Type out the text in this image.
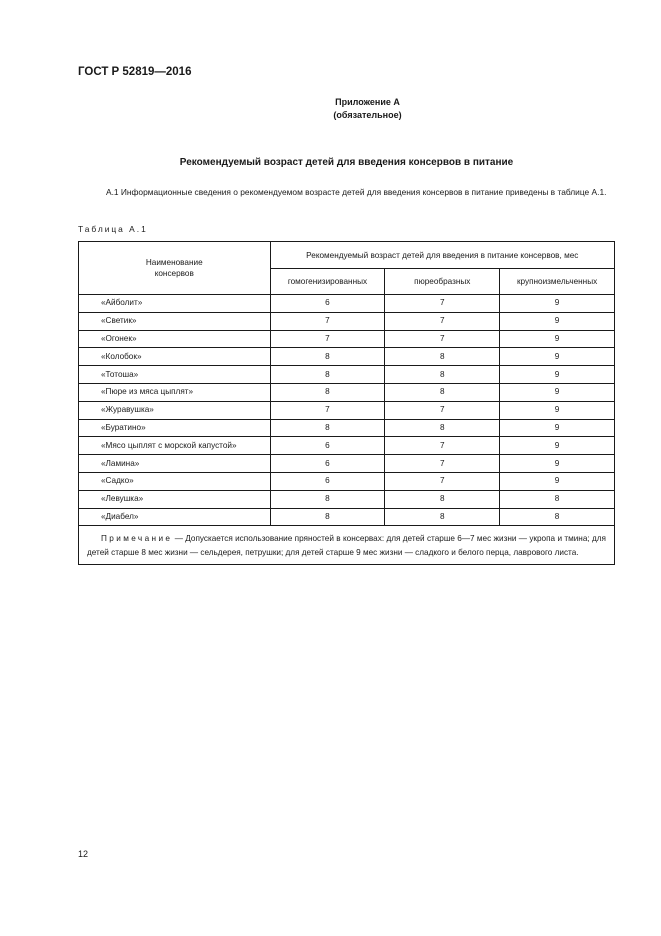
ГОСТ Р 52819—2016
Приложение А
(обязательное)
Рекомендуемый возраст детей для введения консервов в питание
А.1 Информационные сведения о рекомендуемом возрасте детей для введения консервов в питание приведены в таблице А.1.
Таблица А.1
Наименование консервов	Рекомендуемый возраст детей для введения в питание консервов, мес		
	гомогенизированных	пюреобразных	крупноизмельченных
«Айболит»	6	7	9
«Светик»	7	7	9
«Огонек»	7	7	9
«Колобок»	8	8	9
«Тотоша»	8	8	9
«Пюре из мяса цыплят»	8	8	9
«Журавушка»	7	7	9
«Буратино»	8	8	9
«Мясо цыплят с морской капустой»	6	7	9
«Ламина»	6	7	9
«Садко»	6	7	9
«Левушка»	8	8	8
«Диабел»	8	8	8
Примечание — Допускается использование пряностей в консервах: для детей старше 6—7 мес жизни — укропа и тмина; для детей старше 8 мес жизни — сельдерея, петрушки; для детей старше 9 мес жизни — сладкого и белого перца, лаврового листа.			
12
